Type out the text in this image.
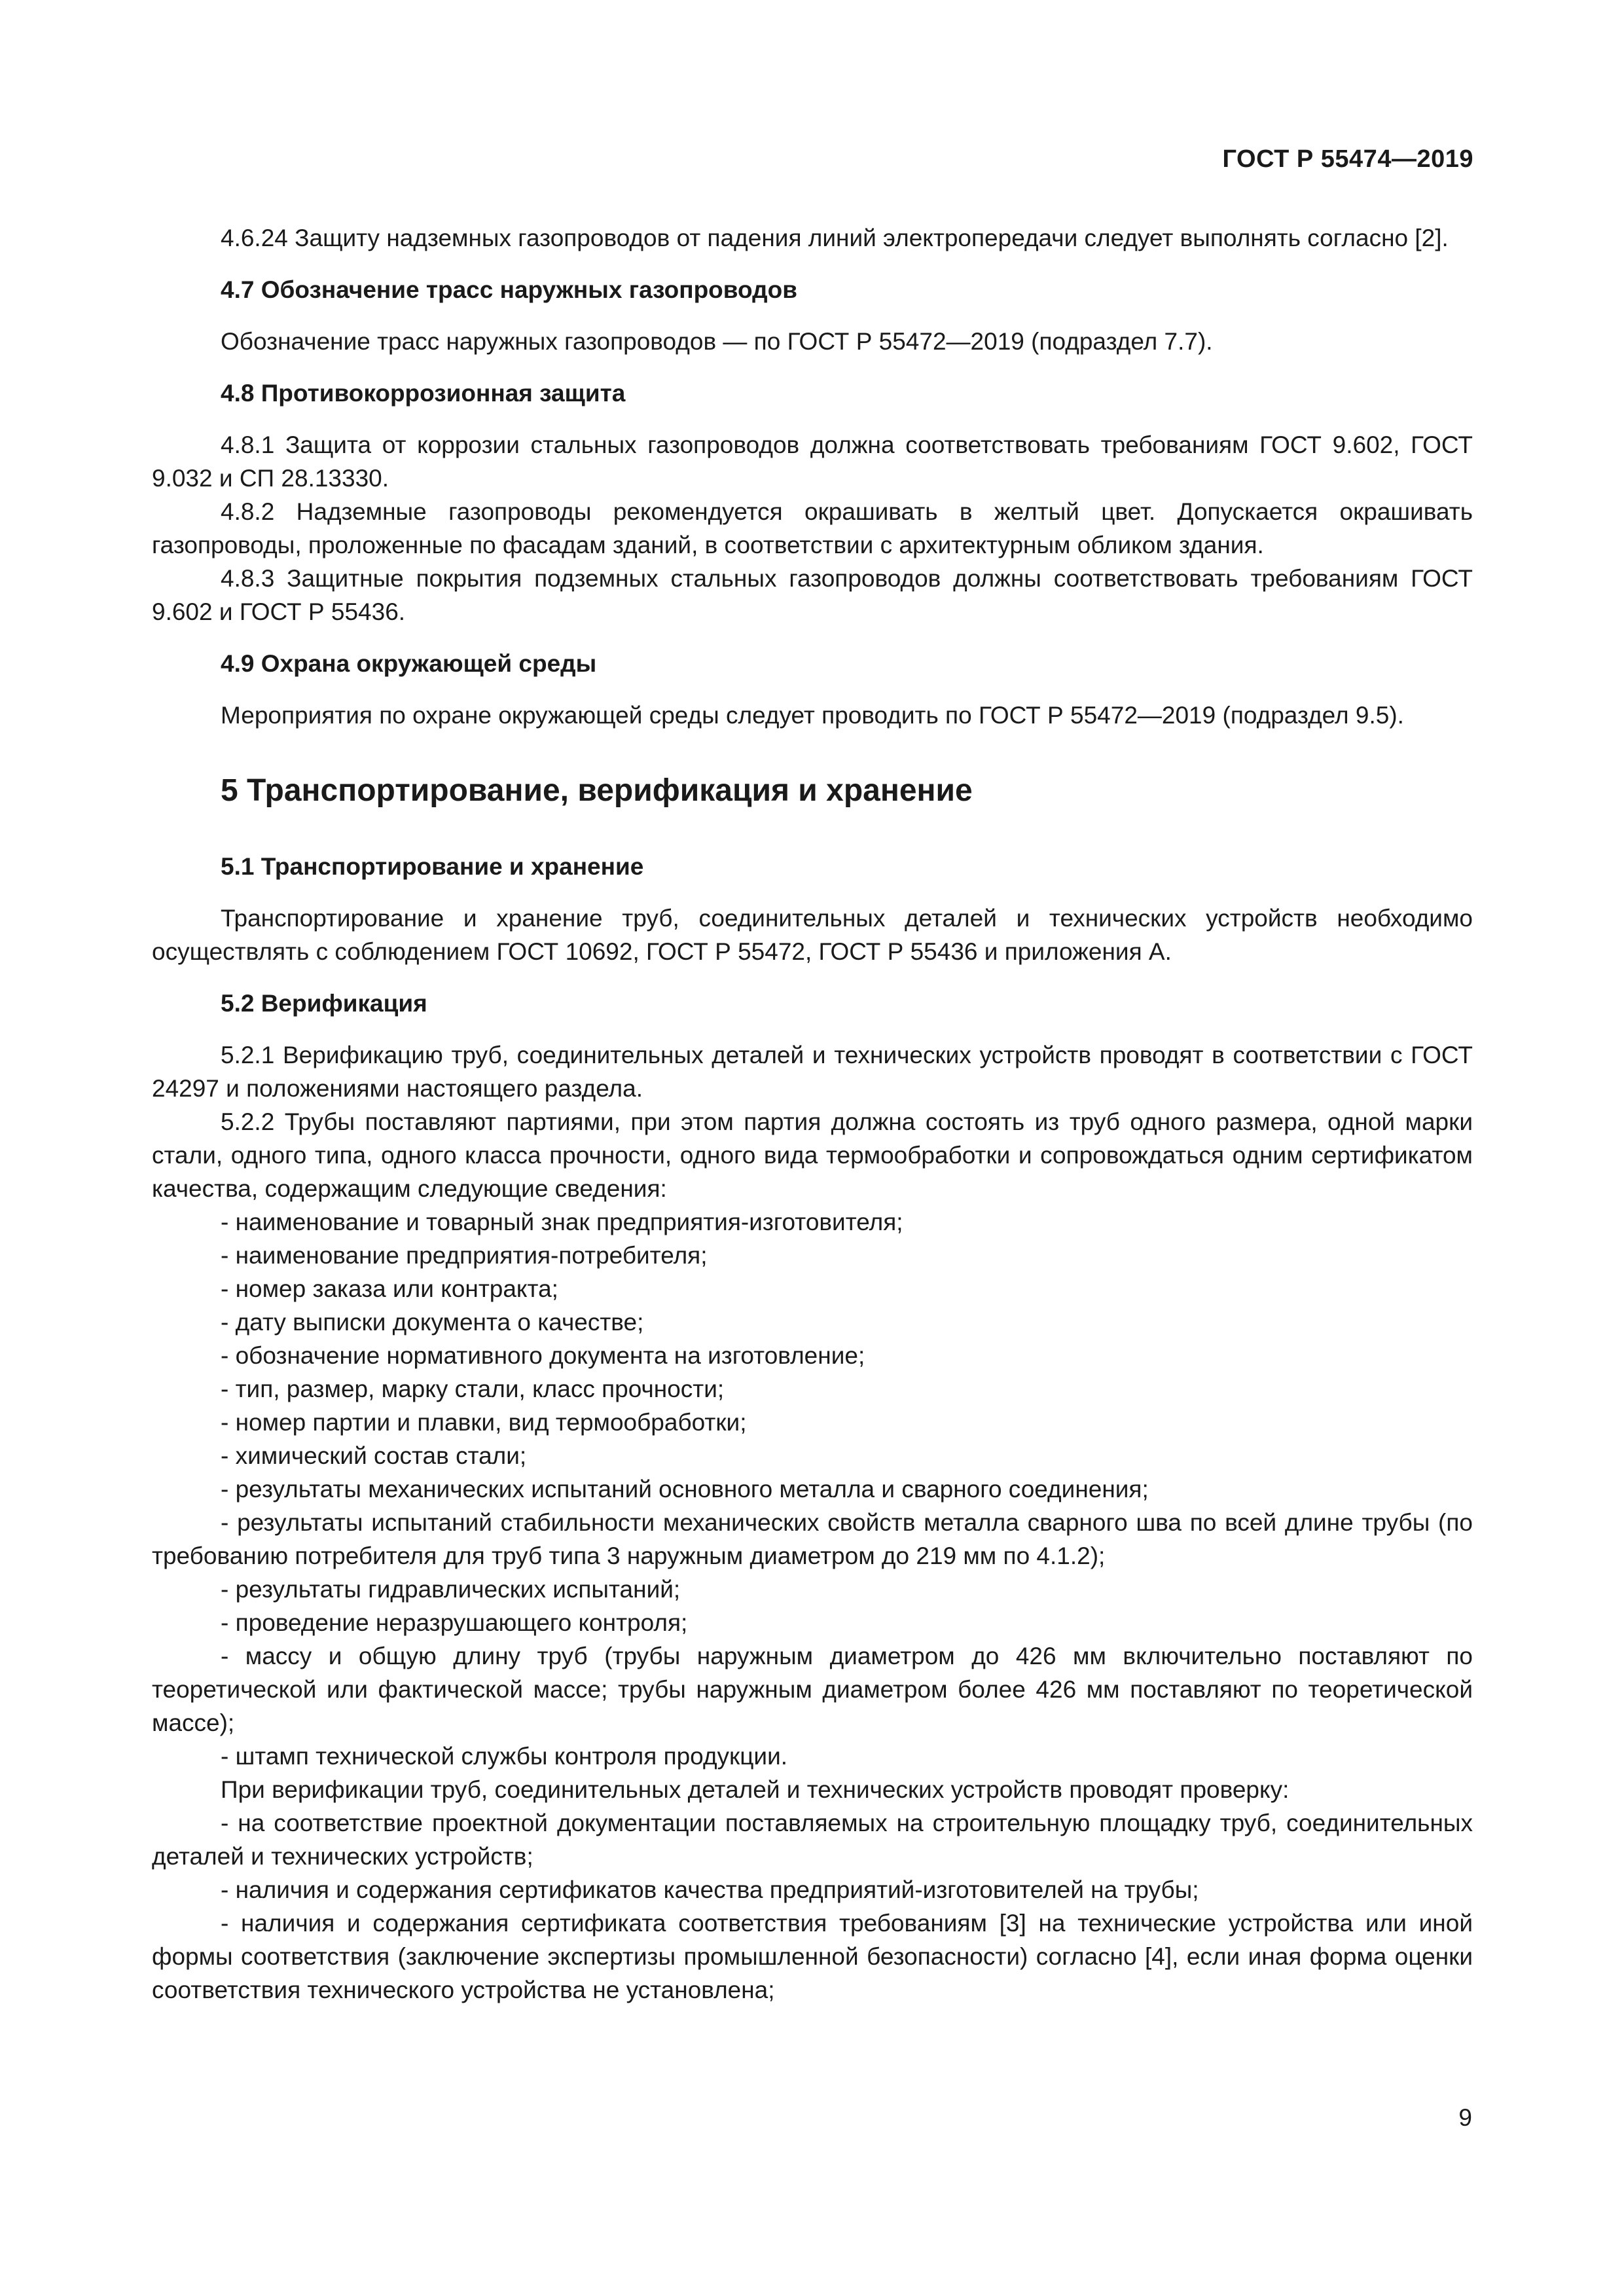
ГОСТ Р 55474—2019

4.6.24 Защиту надземных газопроводов от падения линий электропередачи следует выполнять согласно [2].

4.7 Обозначение трасс наружных газопроводов

Обозначение трасс наружных газопроводов — по ГОСТ Р 55472—2019 (подраздел 7.7).

4.8 Противокоррозионная защита

4.8.1 Защита от коррозии стальных газопроводов должна соответствовать требованиям ГОСТ 9.602, ГОСТ 9.032 и СП 28.13330.

4.8.2 Надземные газопроводы рекомендуется окрашивать в желтый цвет. Допускается окрашивать газопроводы, проложенные по фасадам зданий, в соответствии с архитектурным обликом здания.

4.8.3 Защитные покрытия подземных стальных газопроводов должны соответствовать требованиям ГОСТ 9.602 и ГОСТ Р 55436.

4.9 Охрана окружающей среды

Мероприятия по охране окружающей среды следует проводить по ГОСТ Р 55472—2019 (подраздел 9.5).

5 Транспортирование, верификация и хранение
5.1 Транспортирование и хранение

Транспортирование и хранение труб, соединительных деталей и технических устройств необходимо осуществлять с соблюдением ГОСТ 10692, ГОСТ Р 55472, ГОСТ Р 55436 и приложения А.

5.2 Верификация

5.2.1 Верификацию труб, соединительных деталей и технических устройств проводят в соответствии с ГОСТ 24297 и положениями настоящего раздела.

5.2.2 Трубы поставляют партиями, при этом партия должна состоять из труб одного размера, одной марки стали, одного типа, одного класса прочности, одного вида термообработки и сопровождаться одним сертификатом качества, содержащим следующие сведения:

- наименование и товарный знак предприятия-изготовителя;
- наименование предприятия-потребителя;
- номер заказа или контракта;
- дату выписки документа о качестве;
- обозначение нормативного документа на изготовление;
- тип, размер, марку стали, класс прочности;
- номер партии и плавки, вид термообработки;
- химический состав стали;
- результаты механических испытаний основного металла и сварного соединения;
- результаты испытаний стабильности механических свойств металла сварного шва по всей длине трубы (по требованию потребителя для труб типа 3 наружным диаметром до 219 мм по 4.1.2);
- результаты гидравлических испытаний;
- проведение неразрушающего контроля;
- массу и общую длину труб (трубы наружным диаметром до 426 мм включительно поставляют по теоретической или фактической массе; трубы наружным диаметром более 426 мм поставляют по теоретической массе);
- штамп технической службы контроля продукции.

При верификации труб, соединительных деталей и технических устройств проводят проверку:

- на соответствие проектной документации поставляемых на строительную площадку труб, соединительных деталей и технических устройств;
- наличия и содержания сертификатов качества предприятий-изготовителей на трубы;
- наличия и содержания сертификата соответствия требованиям [3] на технические устройства или иной формы соответствия (заключение экспертизы промышленной безопасности) согласно [4], если иная форма оценки соответствия технического устройства не установлена;
9
